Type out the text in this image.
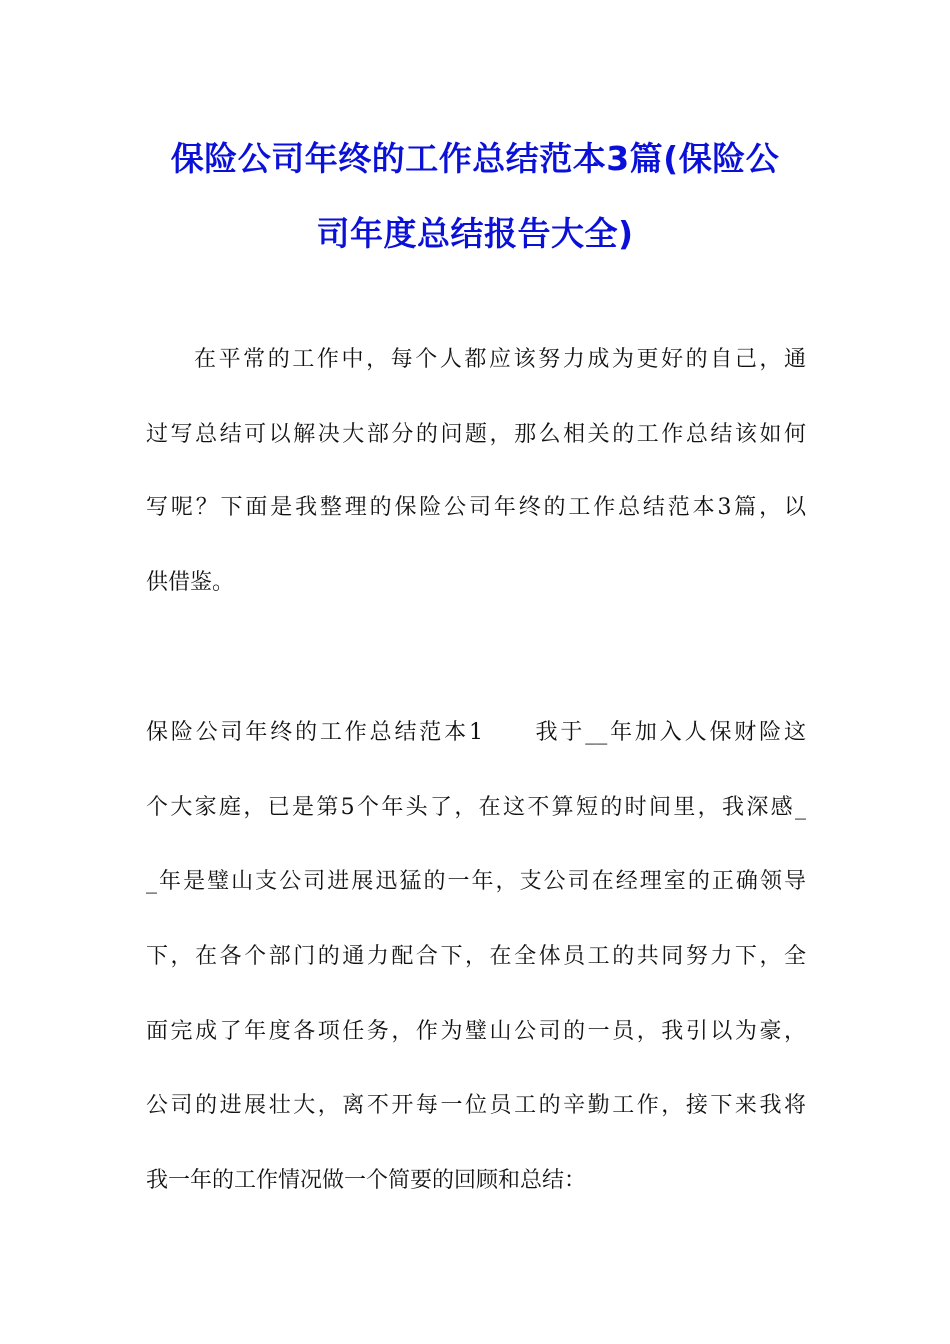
保险公司年终的工作总结范本3篇(保险公
司年度总结报告大全)
在平常的工作中，每个人都应该努力成为更好的自己，通
过写总结可以解决大部分的问题，那么相关的工作总结该如何
写呢？下面是我整理的保险公司年终的工作总结范本3篇，以
供借鉴。
保险公司年终的工作总结范本1　　我于__年加入人保财险这
个大家庭，已是第5个年头了，在这不算短的时间里，我深感_
_年是璧山支公司进展迅猛的一年，支公司在经理室的正确领导
下，在各个部门的通力配合下，在全体员工的共同努力下，全
面完成了年度各项任务，作为璧山公司的一员，我引以为豪，
公司的进展壮大，离不开每一位员工的辛勤工作，接下来我将
我一年的工作情况做一个简要的回顾和总结：
